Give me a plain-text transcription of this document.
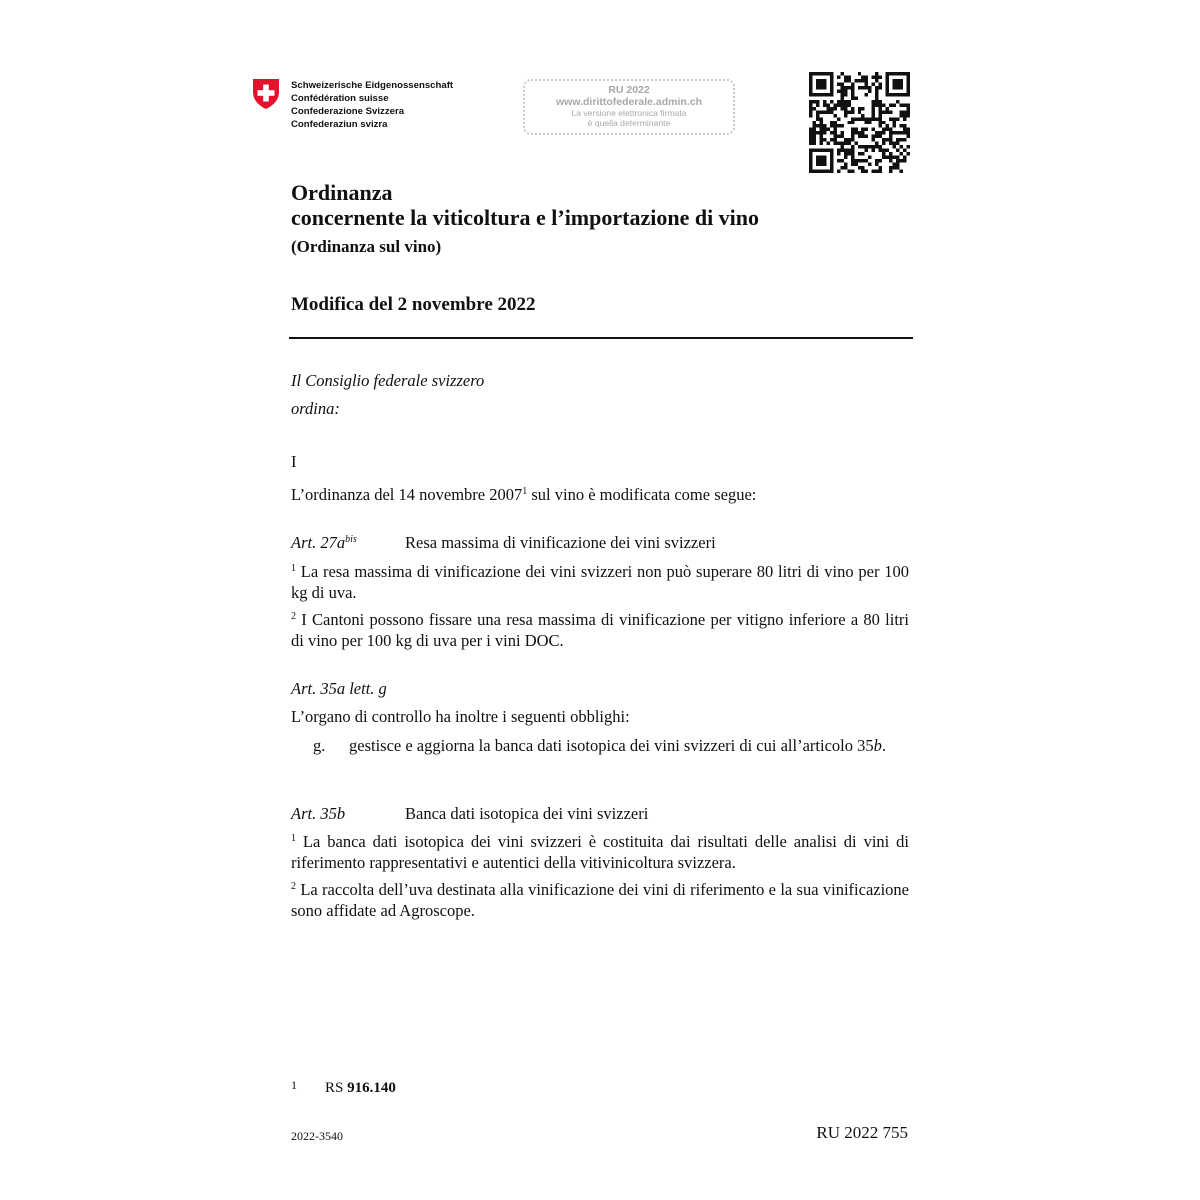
Schweizerische Eidgenossenschaft
Confédération suisse
Confederazione Svizzera
Confederaziun svizra
RU 2022
www.dirittofederale.admin.ch
La versione elettronica firmata
è quella determinante
Ordinanza
concernente la viticoltura e l’importazione di vino
(Ordinanza sul vino)
Modifica del 2 novembre 2022
Il Consiglio federale svizzero
ordina:
I
L’ordinanza del 14 novembre 2007$^1$ sul vino è modificata come segue:
Art. $27a^{bis}$	Resa massima di vinificazione dei vini svizzeri
$^1$ La resa massima di vinificazione dei vini svizzeri non può superare 80 litri di vino per 100 kg di uva.
$^2$ I Cantoni possono fissare una resa massima di vinificazione per vitigno inferiore a 80 litri di vino per 100 kg di uva per i vini DOC.
Art. 35a lett. g
L’organo di controllo ha inoltre i seguenti obblighi:
g. gestisce e aggiorna la banca dati isotopica dei vini svizzeri di cui all’articolo 35b.
Art. 35b	Banca dati isotopica dei vini svizzeri
$^1$ La banca dati isotopica dei vini svizzeri è costituita dai risultati delle analisi di vini di riferimento rappresentativi e autentici della vitivinicoltura svizzera.
$^2$ La raccolta dell’uva destinata alla vinificazione dei vini di riferimento e la sua vinificazione sono affidate ad Agroscope.
1 RS 916.140
2022-3540	RU 2022 755
